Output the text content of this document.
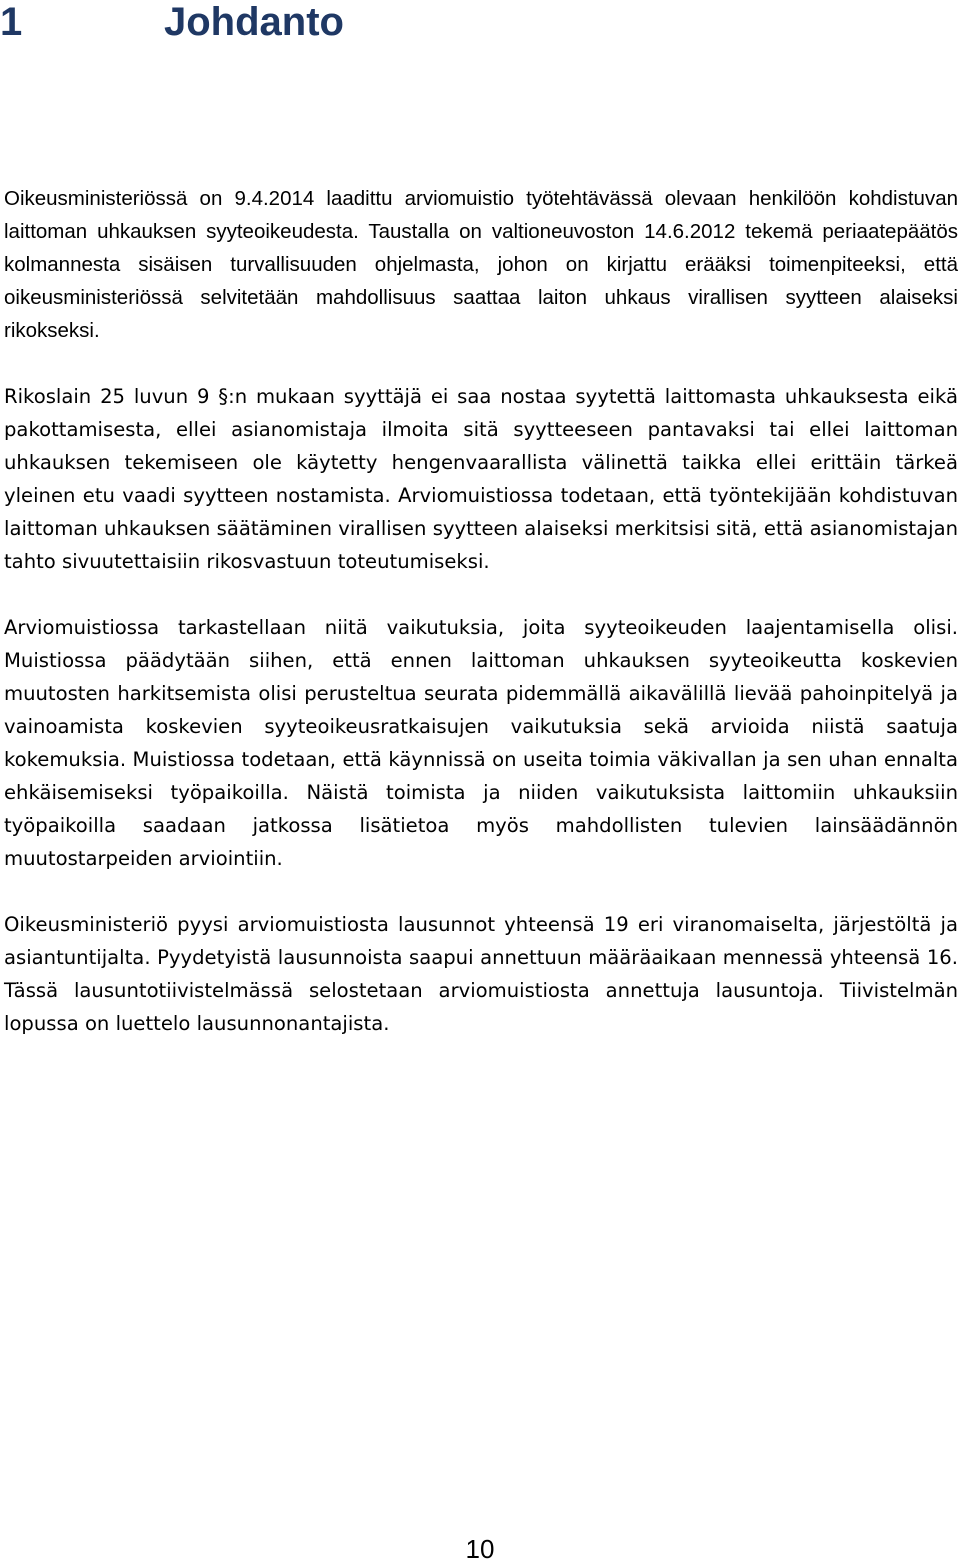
1	Johdanto

Oikeusministeriössä on 9.4.2014 laadittu arviomuistio työtehtävässä olevaan henkilöön kohdistuvan laittoman uhkauksen syyteoikeudesta. Taustalla on valtioneuvoston 14.6.2012 tekemä periaatepäätös kolmannesta sisäisen turvallisuuden ohjelmasta, johon on kirjattu erääksi toimenpiteeksi, että oikeusministeriössä selvitetään mahdollisuus saattaa laiton uhkaus virallisen syytteen alaiseksi rikokseksi.

Rikoslain 25 luvun 9 §:n mukaan syyttäjä ei saa nostaa syytettä laittomasta uhkauksesta eikä pakottamisesta, ellei asianomistaja ilmoita sitä syytteeseen pantavaksi tai ellei laittoman uhkauksen tekemiseen ole käytetty hengenvaarallista välinettä taikka ellei erittäin tärkeä yleinen etu vaadi syytteen nostamista. Arviomuistiossa todetaan, että työntekijään kohdistuvan laittoman uhkauksen säätäminen virallisen syytteen alaiseksi merkitsisi sitä, että asianomistajan tahto sivuutettaisiin rikosvastuun toteutumiseksi.

Arviomuistiossa tarkastellaan niitä vaikutuksia, joita syyteoikeuden laajentamisella olisi. Muistiossa päädytään siihen, että ennen laittoman uhkauksen syyteoikeutta koskevien muutosten harkitsemista olisi perusteltua seurata pidemmällä aikavälillä lievää pahoinpitelyä ja vainoamista koskevien syyteoikeusratkaisujen vaikutuksia sekä arvioida niistä saatuja kokemuksia. Muistiossa todetaan, että käynnissä on useita toimia väkivallan ja sen uhan ennalta ehkäisemiseksi työpaikoilla. Näistä toimista ja niiden vaikutuksista laittomiin uhkauksiin työpaikoilla saadaan jatkossa lisätietoa myös mahdollisten tulevien lainsäädännön muutostarpeiden arviointiin.

Oikeusministeriö pyysi arviomuistiosta lausunnot yhteensä 19 eri viranomaiselta, järjestöltä ja asiantuntijalta. Pyydetyistä lausunnoista saapui annettuun määräaikaan mennessä yhteensä 16. Tässä lausuntotiivistelmässä selostetaan arviomuistiosta annettuja lausuntoja. Tiivistelmän lopussa on luettelo lausunnonantajista.

10
